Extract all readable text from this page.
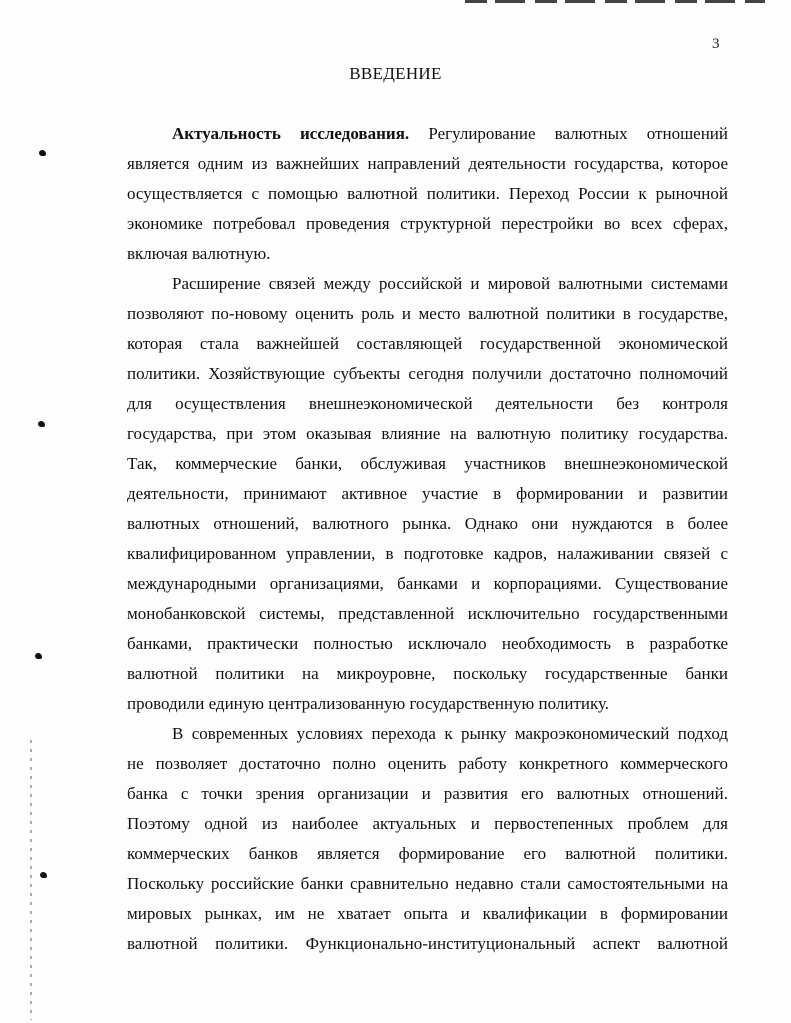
3
ВВЕДЕНИЕ
Актуальность исследования. Регулирование валютных отношений
является одним из важнейших направлений деятельности государства, которое
осуществляется с помощью валютной политики. Переход России к рыночной
экономике потребовал проведения структурной перестройки во всех сферах,
включая валютную.
Расширение связей между российской и мировой валютными системами
позволяют по-новому оценить роль и место валютной политики в государстве,
которая стала важнейшей составляющей государственной экономической
политики. Хозяйствующие субъекты сегодня получили достаточно полномочий
для осуществления внешнеэкономической деятельности без контроля
государства, при этом оказывая влияние на валютную политику государства.
Так, коммерческие банки, обслуживая участников внешнеэкономической
деятельности, принимают активное участие в формировании и развитии
валютных отношений, валютного рынка. Однако они нуждаются в более
квалифицированном управлении, в подготовке кадров, налаживании связей с
международными организациями, банками и корпорациями. Существование
монобанковской системы, представленной исключительно государственными
банками, практически полностью исключало необходимость в разработке
валютной политики на микроуровне, поскольку государственные банки
проводили единую централизованную государственную политику.
В современных условиях перехода к рынку макроэкономический подход
не позволяет достаточно полно оценить работу конкретного коммерческого
банка с точки зрения организации и развития его валютных отношений.
Поэтому одной из наиболее актуальных и первостепенных проблем для
коммерческих банков является формирование его валютной политики.
Поскольку российские банки сравнительно недавно стали самостоятельными на
мировых рынках, им не хватает опыта и квалификации в формировании
валютной политики. Функционально-институциональный аспект валютной
